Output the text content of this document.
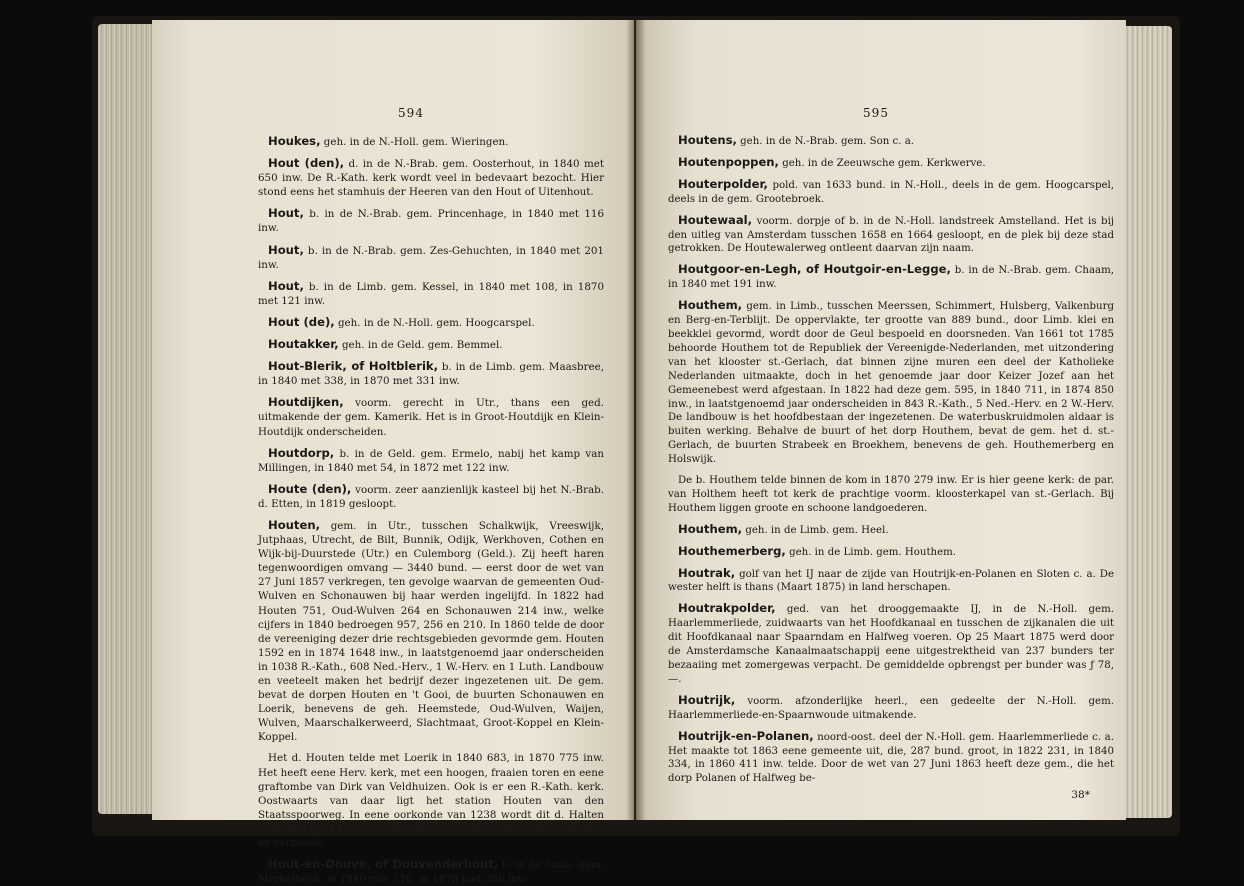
594

Houkes, geh. in de N.-Holl. gem. Wieringen.

Hout (den), d. in de N.-Brab. gem. Oosterhout, in 1840 met 650 inw. De R.-Kath. kerk wordt veel in bedevaart bezocht. Hier stond eens het stamhuis der Heeren van den Hout of Uitenhout.

Hout, b. in de N.-Brab. gem. Princenhage, in 1840 met 116 inw.

Hout, b. in de N.-Brab. gem. Zes-Gehuchten, in 1840 met 201 inw.

Hout, b. in de Limb. gem. Kessel, in 1840 met 108, in 1870 met 121 inw.

Hout (de), geh. in de N.-Holl. gem. Hoogcarspel.

Houtakker, geh. in de Geld. gem. Bemmel.

Hout-Blerik, of Holtblerik, b. in de Limb. gem. Maasbree, in 1840 met 338, in 1870 met 331 inw.

Houtdijken, voorm. gerecht in Utr., thans een ged. uitmakende der gem. Kamerik. Het is in Groot-Houtdijk en Klein-Houtdijk onderscheiden.

Houtdorp, b. in de Geld. gem. Ermelo, nabij het kamp van Millingen, in 1840 met 54, in 1872 met 122 inw.

Houte (den), voorm. zeer aanzienlijk kasteel bij het N.-Brab. d. Etten, in 1819 gesloopt.

Houten, gem. in Utr., tusschen Schalkwijk, Vreeswijk, Jutphaas, Utrecht, de Bilt, Bunnik, Odijk, Werkhoven, Cothen en Wijk-bij-Duurstede (Utr.) en Culemborg (Geld.). Zij heeft haren tegenwoordigen omvang — 3440 bund. — eerst door de wet van 27 Juni 1857 verkregen, ten gevolge waarvan de gemeenten Oud-Wulven en Schonauwen bij haar werden ingelijfd. In 1822 had Houten 751, Oud-Wulven 264 en Schonauwen 214 inw., welke cijfers in 1840 bedroegen 957, 256 en 210. In 1860 telde de door de vereeniging dezer drie rechtsgebieden gevormde gem. Houten 1592 en in 1874 1648 inw., in laatstgenoemd jaar onderscheiden in 1038 R.-Kath., 608 Ned.-Herv., 1 W.-Herv. en 1 Luth. Landbouw en veeteelt maken het bedrijf dezer ingezetenen uit. De gem. bevat de dorpen Houten en 't Gooi, de buurten Schonauwen en Loerik, benevens de geh. Heemstede, Oud-Wulven, Waijen, Wulven, Maarschalkerweerd, Slachtmaat, Groot-Koppel en Klein-Koppel.

Het d. Houten telde met Loerik in 1840 683, in 1870 775 inw. Het heeft eene Herv. kerk, met een hoogen, fraaien toren en eene graftombe van Dirk van Veldhuizen. Ook is er een R.-Kath. kerk. Oostwaarts van daar ligt het station Houten van den Staatsspoorweg. In eene oorkonde van 1238 wordt dit d. Halten genoemd. In 1431 werd het door de Gelderschen uitgeplunderd en verbrand.

Hout-en-Douve, of Douvenderhout, b. in de Limb. gem. Merkelbeek, in 1840 met 376, in 1870 met 380 inw.

595

Houtens, geh. in de N.-Brab. gem. Son c. a.

Houtenpoppen, geh. in de Zeeuwsche gem. Kerkwerve.

Houterpolder, pold. van 1633 bund. in N.-Holl., deels in de gem. Hoogcarspel, deels in de gem. Grootebroek.

Houtewaal, voorm. dorpje of b. in de N.-Holl. landstreek Amstelland. Het is bij den uitleg van Amsterdam tusschen 1658 en 1664 gesloopt, en de plek bij deze stad getrokken. De Houtewalerweg ontleent daarvan zijn naam.

Houtgoor-en-Legh, of Houtgoir-en-Legge, b. in de N.-Brab. gem. Chaam, in 1840 met 191 inw.

Houthem, gem. in Limb., tusschen Meerssen, Schimmert, Hulsberg, Valkenburg en Berg-en-Terblijt. De oppervlakte, ter grootte van 889 bund., door Limb. klei en beekklei gevormd, wordt door de Geul bespoeld en doorsneden. Van 1661 tot 1785 behoorde Houthem tot de Republiek der Vereenigde-Nederlanden, met uitzondering van het klooster st.-Gerlach, dat binnen zijne muren een deel der Katholieke Nederlanden uitmaakte, doch in het genoemde jaar door Keizer Jozef aan het Gemeenebest werd afgestaan. In 1822 had deze gem. 595, in 1840 711, in 1874 850 inw., in laatstgenoemd jaar onderscheiden in 843 R.-Kath., 5 Ned.-Herv. en 2 W.-Herv. De landbouw is het hoofdbestaan der ingezetenen. De waterbuskruidmolen aldaar is buiten werking. Behalve de buurt of het dorp Houthem, bevat de gem. het d. st.-Gerlach, de buurten Strabeek en Broekhem, benevens de geh. Houthemerberg en Holswijk.

De b. Houthem telde binnen de kom in 1870 279 inw. Er is hier geene kerk: de par. van Holthem heeft tot kerk de prachtige voorm. kloosterkapel van st.-Gerlach. Bij Houthem liggen groote en schoone landgoederen.

Houthem, geh. in de Limb. gem. Heel.

Houthemerberg, geh. in de Limb. gem. Houthem.

Houtrak, golf van het IJ naar de zijde van Houtrijk-en-Polanen en Sloten c. a. De wester helft is thans (Maart 1875) in land herschapen.

Houtrakpolder, ged. van het drooggemaakte IJ, in de N.-Holl. gem. Haarlemmerliede, zuidwaarts van het Hoofdkanaal en tusschen de zijkanalen die uit dit Hoofdkanaal naar Spaarndam en Halfweg voeren. Op 25 Maart 1875 werd door de Amsterdamsche Kanaalmaatschappij eene uitgestrektheid van 237 bunders ter bezaaiing met zomergewas verpacht. De gemiddelde opbrengst per bunder was ƒ 78,—.

Houtrijk, voorm. afzonderlijke heerl., een gedeelte der N.-Holl. gem. Haarlemmerliede-en-Spaarnwoude uitmakende.

Houtrijk-en-Polanen, noord-oost. deel der N.-Holl. gem. Haarlemmerliede c. a. Het maakte tot 1863 eene gemeente uit, die, 287 bund. groot, in 1822 231, in 1840 334, in 1860 411 inw. telde. Door de wet van 27 Juni 1863 heeft deze gem., die het dorp Polanen of Halfweg be-

38*
